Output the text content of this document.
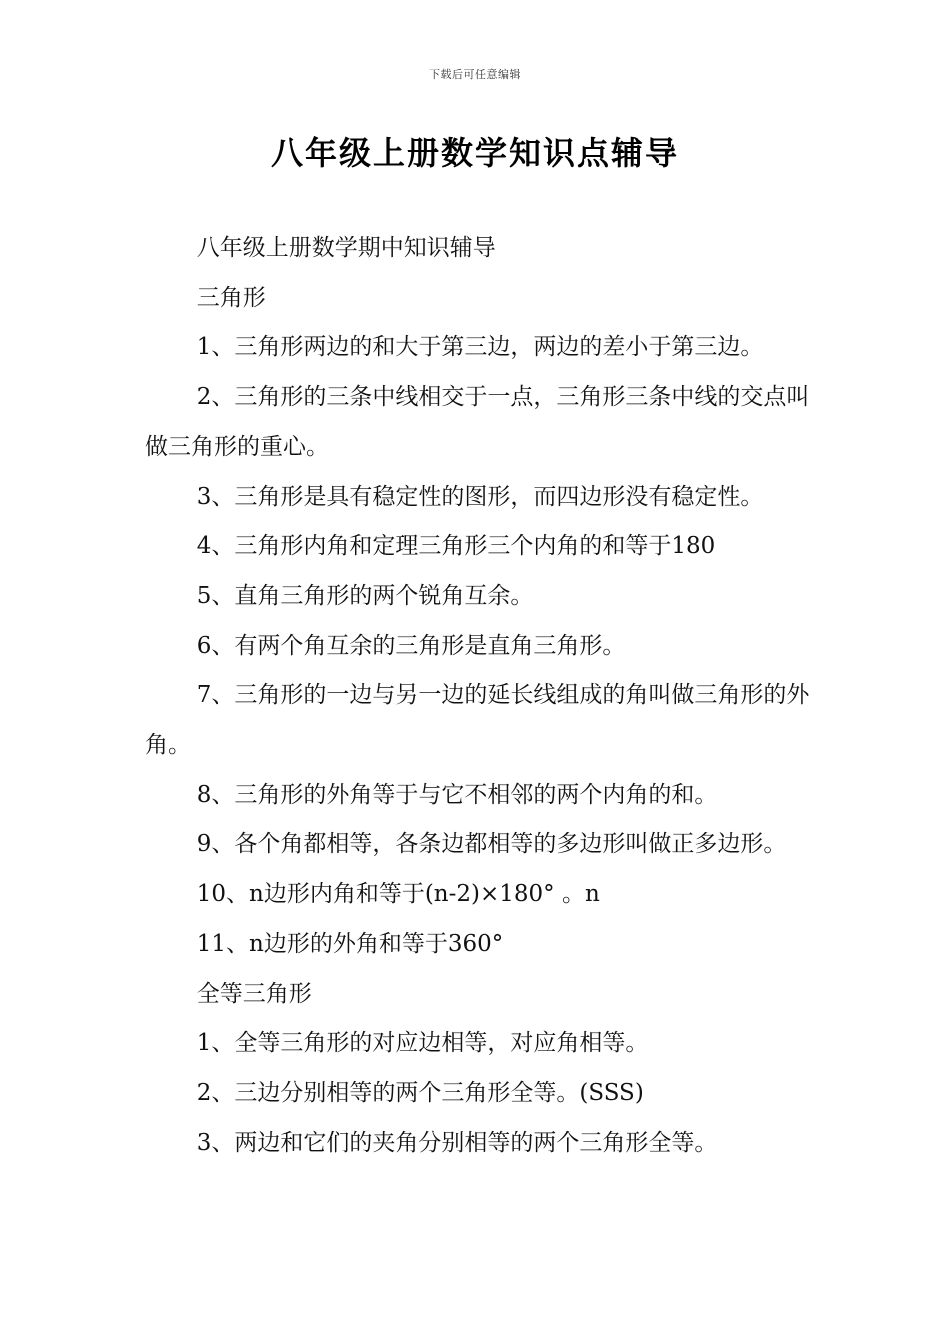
下载后可任意编辑
八年级上册数学知识点辅导

八年级上册数学期中知识辅导

三角形

1、三角形两边的和大于第三边，两边的差小于第三边。

2、三角形的三条中线相交于一点，三角形三条中线的交点叫做三角形的重心。

3、三角形是具有稳定性的图形，而四边形没有稳定性。

4、三角形内角和定理三角形三个内角的和等于180

5、直角三角形的两个锐角互余。

6、有两个角互余的三角形是直角三角形。

7、三角形的一边与另一边的延长线组成的角叫做三角形的外角。

8、三角形的外角等于与它不相邻的两个内角的和。

9、各个角都相等，各条边都相等的多边形叫做正多边形。

10、n边形内角和等于(n-2)×180° 。n

11、n边形的外角和等于360°

全等三角形

1、全等三角形的对应边相等，对应角相等。

2、三边分别相等的两个三角形全等。(SSS)

3、两边和它们的夹角分别相等的两个三角形全等。
